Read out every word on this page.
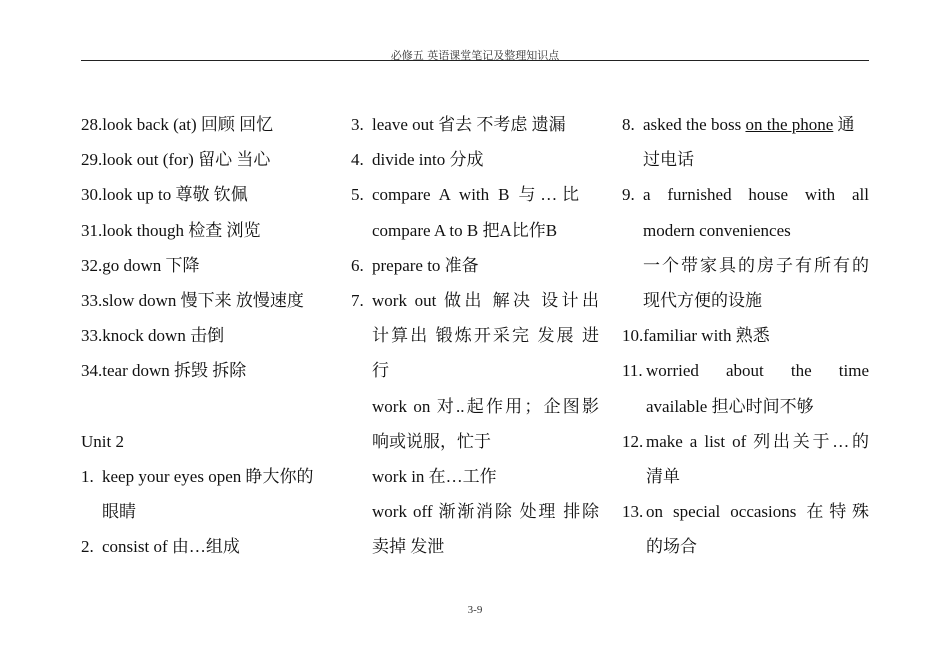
必修五 英语课堂笔记及整理知识点
28.look back (at) 回顾 回忆
29.look out (for) 留心 当心
30.look up to 尊敬 钦佩
31.look though 检查 浏览
32.go down 下降
33.slow down 慢下来 放慢速度
33.knock down 击倒
34.tear down 拆毁 拆除
Unit 2
1. keep your eyes open 睁大你的
眼睛
2. consist of 由…组成
3. leave out 省去 不考虑 遗漏
4. divide into 分成
5. compare A with B 与…比
compare A to B 把A比作B
6. prepare to 准备
7. work out 做出 解决 设计出
计算出 锻炼开采完 发展 进
行
work on 对..起作用；企图影
响或说服，忙于
work in 在…工作
work off 渐渐消除 处理 排除
卖掉 发泄
8. asked the boss on the phone 通
过电话
9. a furnished house with all
modern conveniences
一个带家具的房子有所有的
现代方便的设施
10. familiar with 熟悉
11. worried about the time
available 担心时间不够
12. make a list of 列出关于…的
清单
13. on special occasions 在特殊
的场合
3-9
